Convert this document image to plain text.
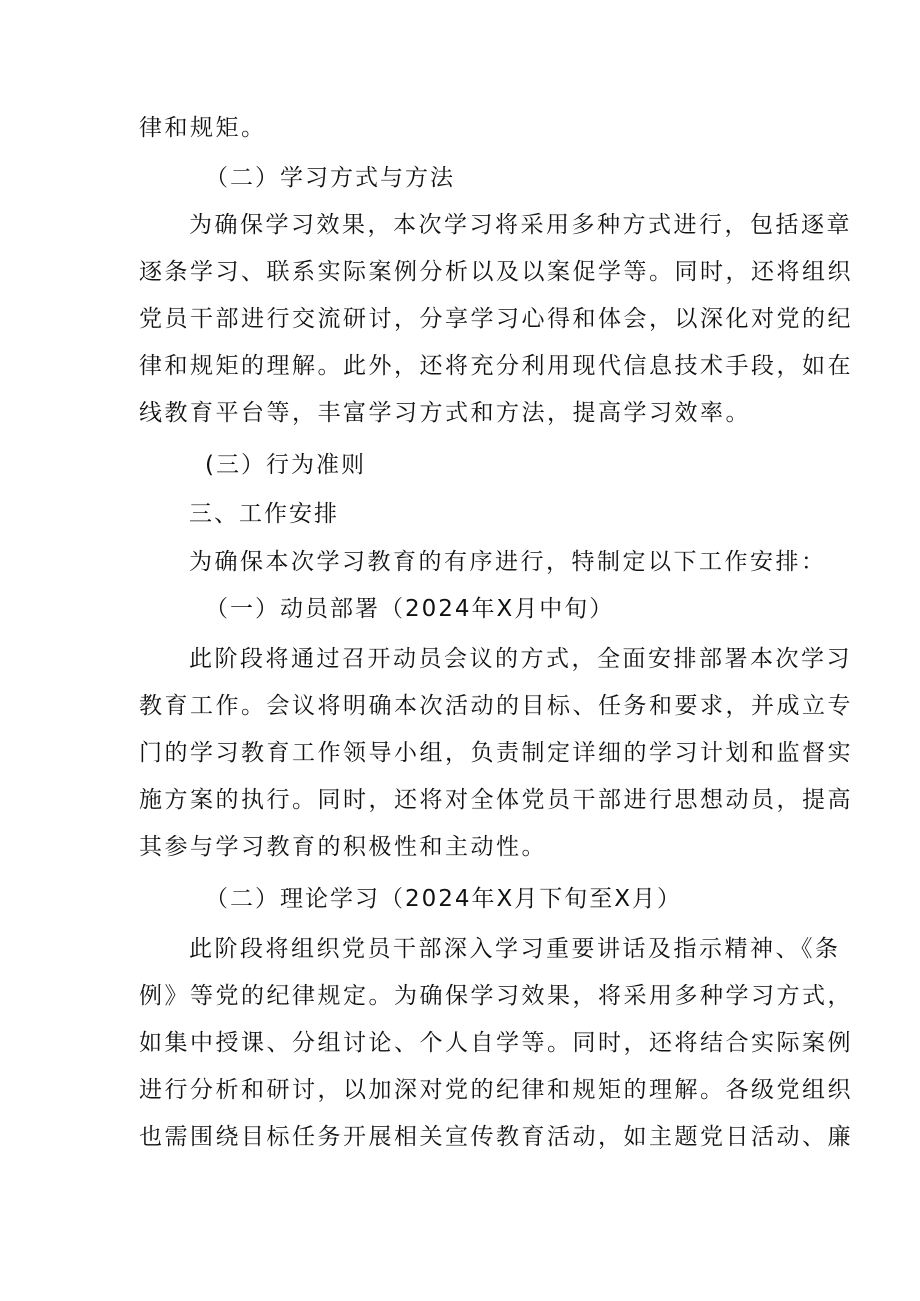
律和规矩。
（二）学习方式与方法
为确保学习效果，本次学习将采用多种方式进行，包括逐章
逐条学习、联系实际案例分析以及以案促学等。同时，还将组织
党员干部进行交流研讨，分享学习心得和体会，以深化对党的纪
律和规矩的理解。此外，还将充分利用现代信息技术手段，如在
线教育平台等，丰富学习方式和方法，提高学习效率。
(三）行为准则
三、工作安排
为确保本次学习教育的有序进行，特制定以下工作安排：
（一）动员部署（2024年X月中旬）
此阶段将通过召开动员会议的方式，全面安排部署本次学习
教育工作。会议将明确本次活动的目标、任务和要求，并成立专
门的学习教育工作领导小组，负责制定详细的学习计划和监督实
施方案的执行。同时，还将对全体党员干部进行思想动员，提高
其参与学习教育的积极性和主动性。
（二）理论学习（2024年X月下旬至X月）
此阶段将组织党员干部深入学习重要讲话及指示精神、《条
例》等党的纪律规定。为确保学习效果，将采用多种学习方式，
如集中授课、分组讨论、个人自学等。同时，还将结合实际案例
进行分析和研讨，以加深对党的纪律和规矩的理解。各级党组织
也需围绕目标任务开展相关宣传教育活动，如主题党日活动、廉
